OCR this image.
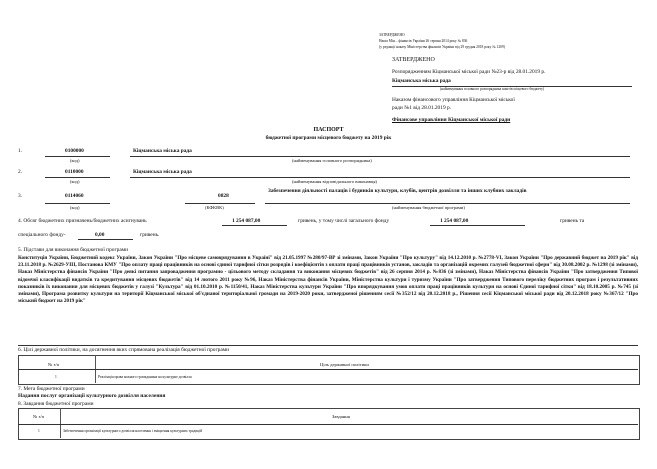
ЗАТВЕРДЖЕНО
Наказ Мін... фінансів України 26 серпня 2014 року № 836
(у редакції наказу Міністерства фінансів України від 29 грудня 2018 року № 1209)
ЗАТВЕРДЖЕНО
Розпорядженням Кіцманської міської ради №23-р від 28.01.2019 р.
Кіцманська міська рада
(найменування головного розпорядника коштів місцевого бюджету)
Наказом фінансового управління Кіцманської міської
ради №1 від 28.01.2019 р.
Фінансове управління Кіцманської міської ради
ПАСПОРТ
бюджетної програми місцевого бюджету на 2019 рік
1.	0100000	Кіцманська міська рада
(код)	(найменування головного розпорядника)
2.	0110000	Кіцманська міська рада
(код)	(найменування відповідального виконавця)
3.	0114060	0828
Забезпечення діяльності палаців і будинків культури, клубів, центрів дозвілля та інших клубних закладів
(код)	(КФКВК)	(найменування бюджетної програми)
4. Обсяг бюджетних призначень/бюджетних асигнувань	1 254 087,00	гривень, у тому числі загального фонду	1 254 087,00	гривень та
спеціального фонду-	0,00	гривень.
5. Підстави для виконання бюджетної програми
Конституція України, Бюджетний кодекс України, Закон України "Про місцеве самоврядування в Україні" від 21.05.1997 №280/97-ВР зі змінами, Закон України "Про культуру" від 14.12.2010 р. №2778-VI, Закон України "Про державний бюджет на 2019 рік" від 23.11.2018 р. №2629-УІІІ, Постанова КМУ "Про оплату праці працівників на основі єдиної тарифної сітки розрядів і коефіцієнтів з оплати праці працівників установ, закладів та організацій окремих галузей бюджетної сфери" від 30.08.2002 р. №1298 (зі змінами), Наказ Міністерства фінансів України "Про деякі питання запровадження програмно - цільового методу складання та виконання місцевих бюджетів" від 26 серпня 2014 р. №836 (зі змінами), Наказ Міністерства фінансів України "Про затвердження Типової відомчої класифікації видатків та кредитування місцевих бюджетів" від 14 лютого 2011 року №96, Наказ Міністерства фінансів України, Міністерства культури і туризму України "Про затвердження Типового переліку бюджетних програм і результативних показників їх виконання для місцевих бюджетів у галузі "Культура" від 01.10.2010 р. №1150/41, Наказ Міністерства культури України "Про впорядкування умов оплати праці працівників культури на основі Єдиної тарифної сітки" від 18.10.2005 р. №745 (зі змінами), Програма розвитку культури на території Кіцманської міської об'єднаної територіальної громади на 2019-2020 роки, затвердженої рішенням сесії №352/12 від 20.12.2018 р., Рішення сесії Кіцманської міської ради від 20.12.2018 року №367/12 "Про міський бюджет на 2019 рік"
6. Цілі державної політики, на досягнення яких спрямована реалізація бюджетної програми
№ з/п	Ціль державної політики
1	Реалізація права кожного громадянина на культурне дозвілля
7. Мета бюджетної програми
Надання послуг організації культурного дозвілля населення
8. Завдання бюджетної програми
№ з/п	Завдання
1	Забезпечення організації культурного дозвілля населення і зміцнення культурних традицій
